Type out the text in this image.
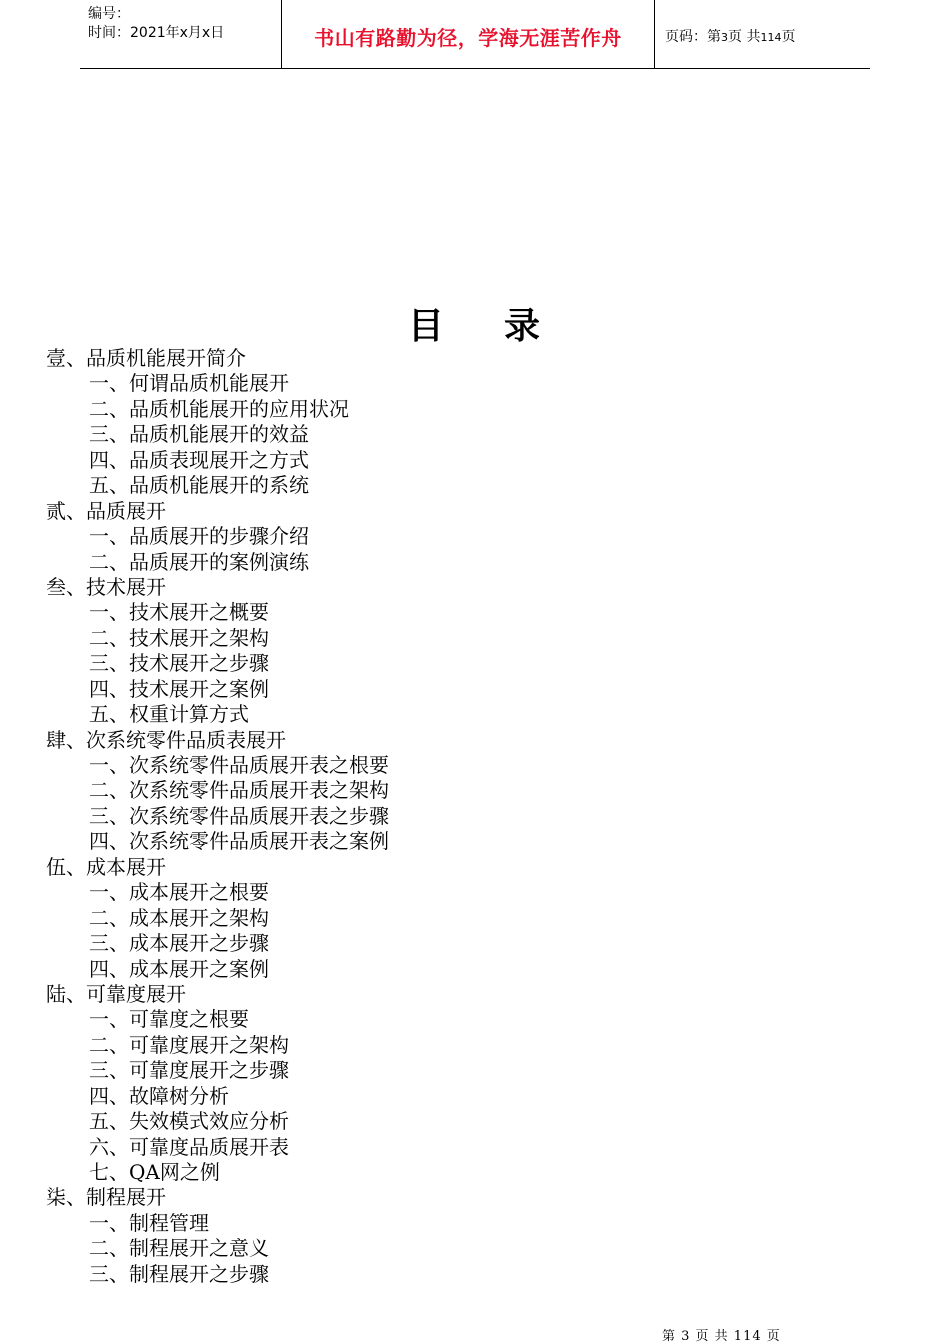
编号：
时间：2021年x月x日	书山有路勤为径，学海无涯苦作舟	页码：第3页 共114页
目    录
壹、品质机能展开简介
一、何谓品质机能展开
二、品质机能展开的应用状况
三、品质机能展开的效益
四、品质表现展开之方式
五、品质机能展开的系统
贰、品质展开
一、品质展开的步骤介绍
二、品质展开的案例演练
叁、技术展开
一、技术展开之概要
二、技术展开之架构
三、技术展开之步骤
四、技术展开之案例
五、权重计算方式
肆、次系统零件品质表展开
一、次系统零件品质展开表之根要
二、次系统零件品质展开表之架构
三、次系统零件品质展开表之步骤
四、次系统零件品质展开表之案例
伍、成本展开
一、成本展开之根要
二、成本展开之架构
三、成本展开之步骤
四、成本展开之案例
陆、可靠度展开
一、可靠度之根要
二、可靠度展开之架构
三、可靠度展开之步骤
四、故障树分析
五、失效模式效应分析
六、可靠度品质展开表
七、QA网之例
柒、制程展开
一、制程管理
二、制程展开之意义
三、制程展开之步骤
第 3 页 共 114 页
